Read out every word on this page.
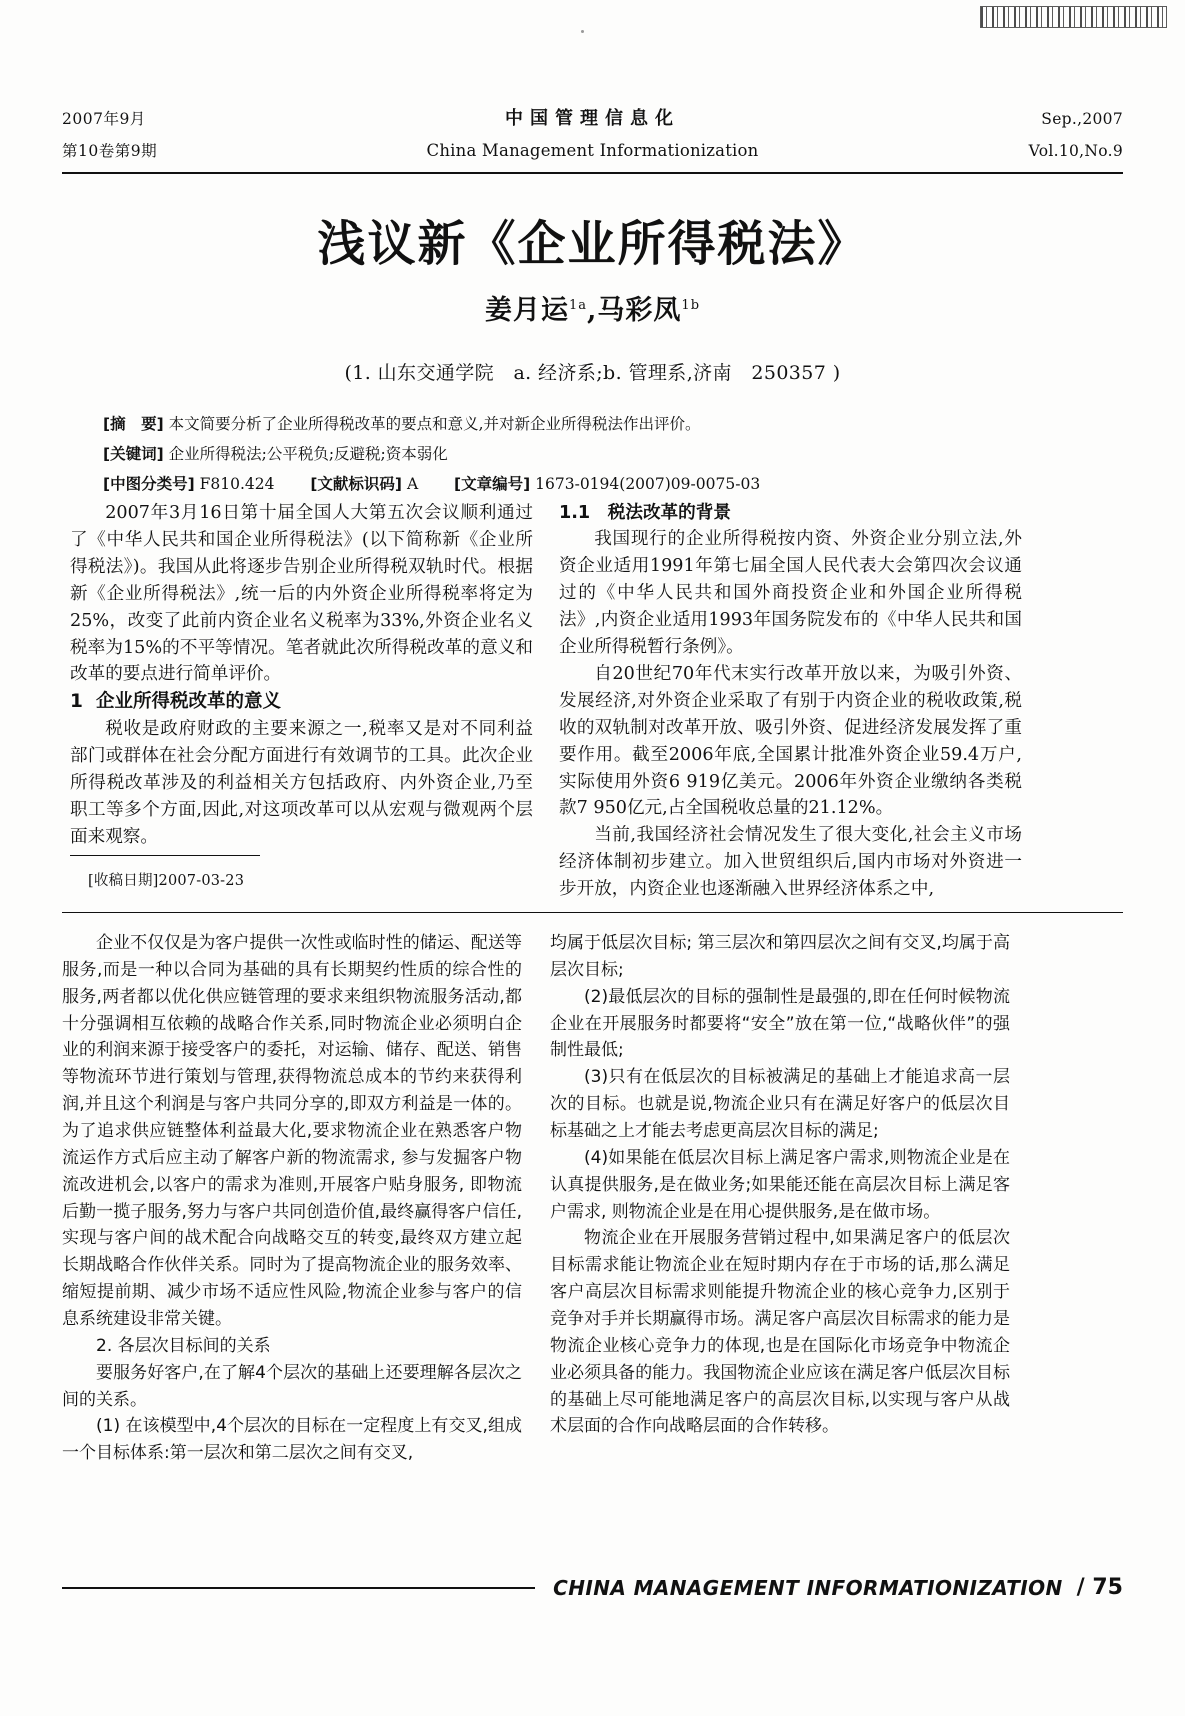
2007年9月	中国管理信息化	Sep.,2007
第10卷第9期	China Management Informationization	Vol.10,No.9
浅议新《企业所得税法》
姜月运$^{1a}$,马彩凤$^{1b}$
(1. 山东交通学院　a. 经济系;b. 管理系,济南　250357 )
[摘　要] 本文简要分析了企业所得税改革的要点和意义,并对新企业所得税法作出评价。
[关键词] 企业所得税法;公平税负;反避税;资本弱化
[中图分类号] F810.424 [文献标识码] A [文章编号] 1673-0194(2007)09-0075-03

2007年3月16日第十届全国人大第五次会议顺利通过了《中华人民共和国企业所得税法》(以下简称新《企业所得税法》)。我国从此将逐步告别企业所得税双轨时代。根据新《企业所得税法》,统一后的内外资企业所得税率将定为25%，改变了此前内资企业名义税率为33%,外资企业名义税率为15%的不平等情况。笔者就此次所得税改革的意义和改革的要点进行简单评价。

1 企业所得税改革的意义

税收是政府财政的主要来源之一,税率又是对不同利益部门或群体在社会分配方面进行有效调节的工具。此次企业所得税改革涉及的利益相关方包括政府、内外资企业,乃至职工等多个方面,因此,对这项改革可以从宏观与微观两个层面来观察。

1.1　税法改革的背景

我国现行的企业所得税按内资、外资企业分别立法,外资企业适用1991年第七届全国人民代表大会第四次会议通过的《中华人民共和国外商投资企业和外国企业所得税法》,内资企业适用1993年国务院发布的《中华人民共和国企业所得税暂行条例》。

自20世纪70年代末实行改革开放以来，为吸引外资、发展经济,对外资企业采取了有别于内资企业的税收政策,税收的双轨制对改革开放、吸引外资、促进经济发展发挥了重要作用。截至2006年底,全国累计批准外资企业59.4万户,实际使用外资6 919亿美元。2006年外资企业缴纳各类税款7 950亿元,占全国税收总量的21.12%。

当前,我国经济社会情况发生了很大变化,社会主义市场经济体制初步建立。加入世贸组织后,国内市场对外资进一步开放，内资企业也逐渐融入世界经济体系之中,

[收稿日期]2007-03-23

企业不仅仅是为客户提供一次性或临时性的储运、配送等服务,而是一种以合同为基础的具有长期契约性质的综合性的服务,两者都以优化供应链管理的要求来组织物流服务活动,都十分强调相互依赖的战略合作关系,同时物流企业必须明白企业的利润来源于接受客户的委托，对运输、储存、配送、销售等物流环节进行策划与管理,获得物流总成本的节约来获得利润,并且这个利润是与客户共同分享的,即双方利益是一体的。为了追求供应链整体利益最大化,要求物流企业在熟悉客户物流运作方式后应主动了解客户新的物流需求, 参与发掘客户物流改进机会,以客户的需求为准则,开展客户贴身服务, 即物流后勤一揽子服务,努力与客户共同创造价值,最终赢得客户信任,实现与客户间的战术配合向战略交互的转变,最终双方建立起长期战略合作伙伴关系。同时为了提高物流企业的服务效率、缩短提前期、减少市场不适应性风险,物流企业参与客户的信息系统建设非常关键。

2. 各层次目标间的关系

要服务好客户,在了解4个层次的基础上还要理解各层次之间的关系。

(1) 在该模型中,4个层次的目标在一定程度上有交叉,组成一个目标体系:第一层次和第二层次之间有交叉,

均属于低层次目标; 第三层次和第四层次之间有交叉,均属于高层次目标;

(2)最低层次的目标的强制性是最强的,即在任何时候物流企业在开展服务时都要将“安全”放在第一位,“战略伙伴”的强制性最低;

(3)只有在低层次的目标被满足的基础上才能追求高一层次的目标。也就是说,物流企业只有在满足好客户的低层次目标基础之上才能去考虑更高层次目标的满足;

(4)如果能在低层次目标上满足客户需求,则物流企业是在认真提供服务,是在做业务;如果能还能在高层次目标上满足客户需求, 则物流企业是在用心提供服务,是在做市场。

物流企业在开展服务营销过程中,如果满足客户的低层次目标需求能让物流企业在短时期内存在于市场的话,那么满足客户高层次目标需求则能提升物流企业的核心竞争力,区别于竞争对手并长期赢得市场。满足客户高层次目标需求的能力是物流企业核心竞争力的体现,也是在国际化市场竞争中物流企业必须具备的能力。我国物流企业应该在满足客户低层次目标的基础上尽可能地满足客户的高层次目标,以实现与客户从战术层面的合作向战略层面的合作转移。

CHINA MANAGEMENT INFORMATIONIZATION / 75
